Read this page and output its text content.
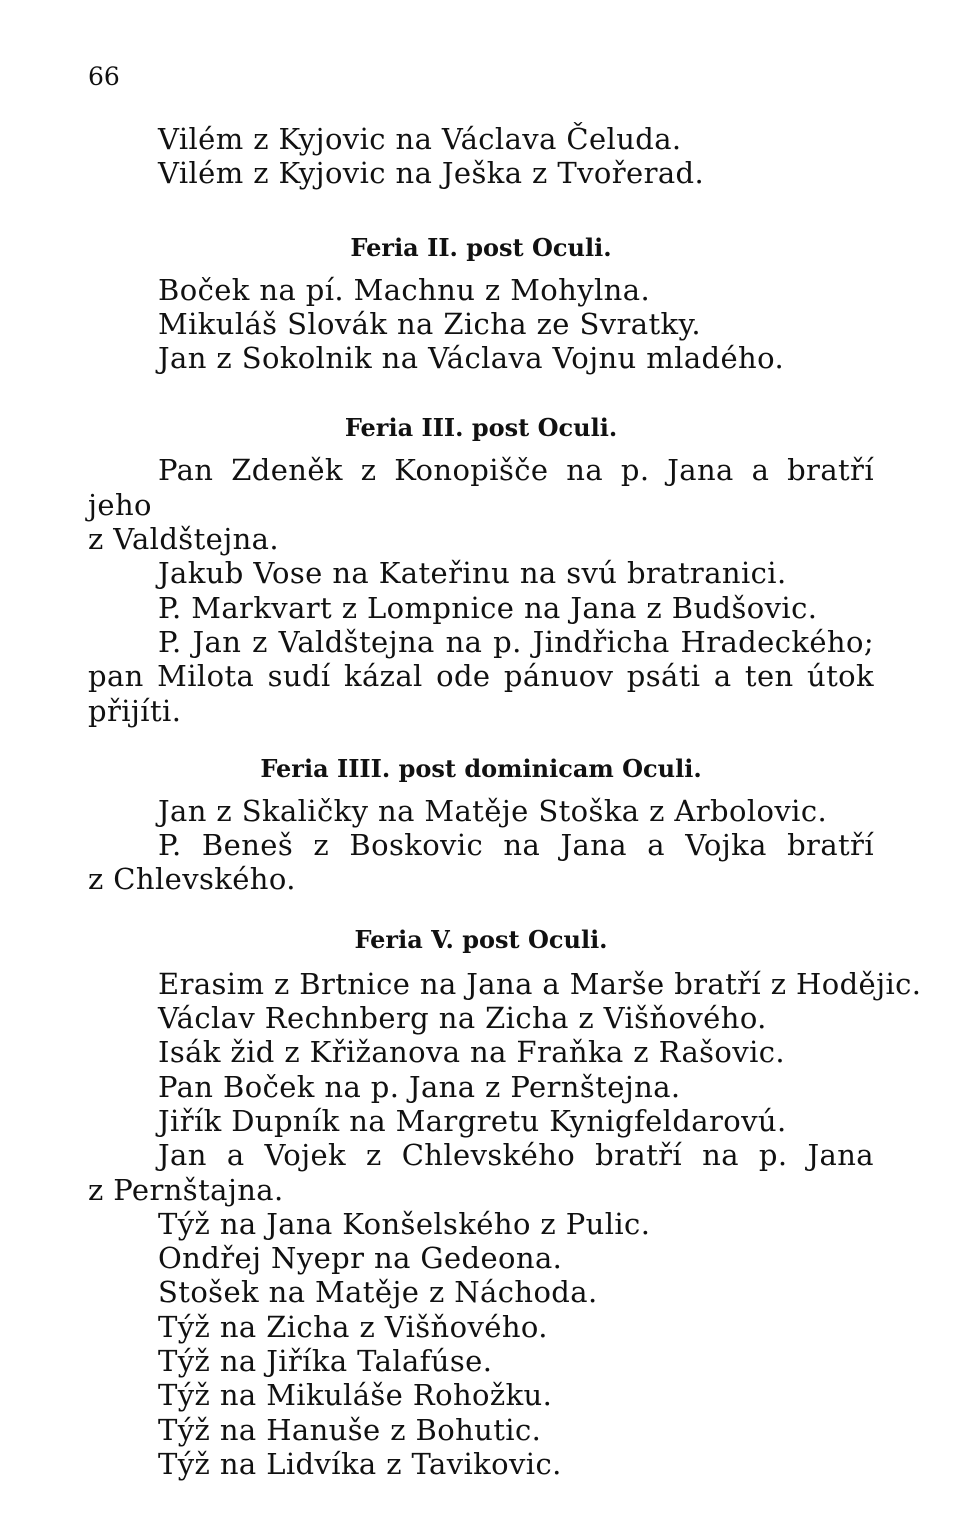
66
Vilém z Kyjovic na Václava Čeluda.
Vilém z Kyjovic na Ješka z Tvořerad.
Feria II. post Oculi.
Boček na pí. Machnu z Mohylna.
Mikuláš Slovák na Zicha ze Svratky.
Jan z Sokolnik na Václava Vojnu mladého.
Feria III. post Oculi.
Pan Zdeněk z Konopišče na p. Jana a bratří jeho
z Valdštejna.
Jakub Vose na Kateřinu na svú bratranici.
P. Markvart z Lompnice na Jana z Budšovic.
P. Jan z Valdštejna na p. Jindřicha Hradeckého;
pan Milota sudí kázal ode pánuov psáti a ten útok
přijíti.
Feria IIII. post dominicam Oculi.
Jan z Skaličky na Matěje Stoška z Arbolovic.
P. Beneš z Boskovic na Jana a Vojka bratří
z Chlevského.
Feria V. post Oculi.
Erasim z Brtnice na Jana a Marše bratří z Hodějic.
Václav Rechnberg na Zicha z Višňového.
Isák žid z Křižanova na Fraňka z Rašovic.
Pan Boček na p. Jana z Pernštejna.
Jiřík Dupník na Margretu Kynigfeldarovú.
Jan a Vojek z Chlevského bratří na p. Jana
z Pernštajna.
Týž na Jana Konšelského z Pulic.
Ondřej Nyepr na Gedeona.
Stošek na Matěje z Náchoda.
Týž na Zicha z Višňového.
Týž na Jiříka Talafúse.
Týž na Mikuláše Rohožku.
Týž na Hanuše z Bohutic.
Týž na Lidvíka z Tavikovic.
